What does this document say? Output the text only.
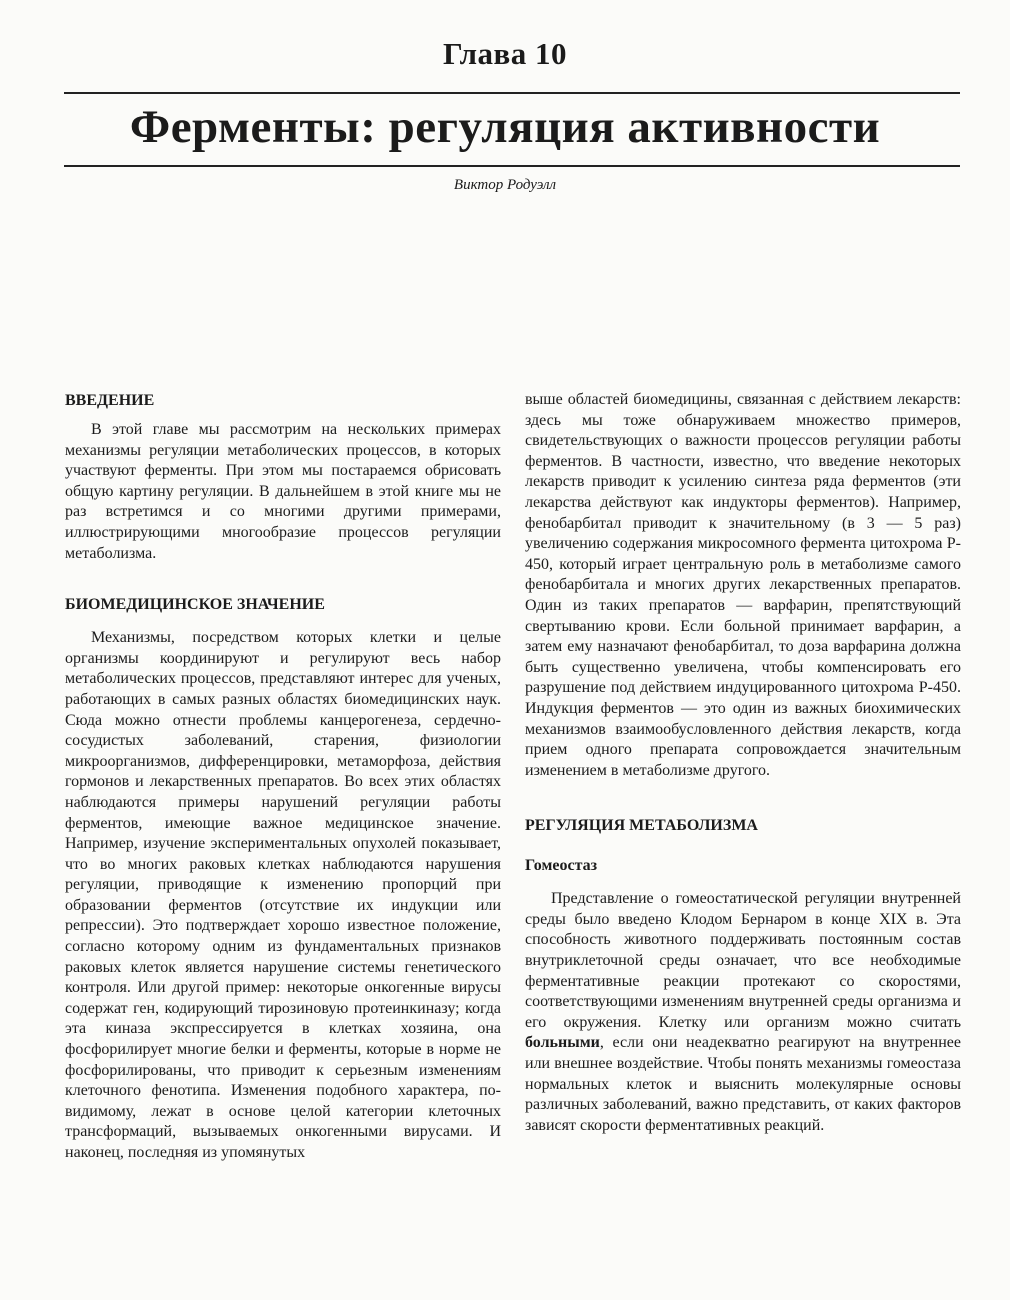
Глава 10
Ферменты: регуляция активности
Виктор Родуэлл
ВВЕДЕНИЕ

В этой главе мы рассмотрим на нескольких примерах механизмы регуляции метаболических процессов, в которых участвуют ферменты. При этом мы постараемся обрисовать общую картину регуляции. В дальнейшем в этой книге мы не раз встретимся и со многими другими примерами, иллюстрирующими многообразие процессов регуляции метаболизма.

БИОМЕДИЦИНСКОЕ ЗНАЧЕНИЕ

Механизмы, посредством которых клетки и целые организмы координируют и регулируют весь набор метаболических процессов, представляют интерес для ученых, работающих в самых разных областях биомедицинских наук. Сюда можно отнести проблемы канцерогенеза, сердечно-сосудистых заболеваний, старения, физиологии микроорганизмов, дифференцировки, метаморфоза, действия гормонов и лекарственных препаратов. Во всех этих областях наблюдаются примеры нарушений регуляции работы ферментов, имеющие важное медицинское значение. Например, изучение экспериментальных опухолей показывает, что во многих раковых клетках наблюдаются нарушения регуляции, приводящие к изменению пропорций при образовании ферментов (отсутствие их индукции или репрессии). Это подтверждает хорошо известное положение, согласно которому одним из фундаментальных признаков раковых клеток является нарушение системы генетического контроля. Или другой пример: некоторые онкогенные вирусы содержат ген, кодирующий тирозиновую протеинкиназу; когда эта киназа экспрессируется в клетках хозяина, она фосфорилирует многие белки и ферменты, которые в норме не фосфорилированы, что приводит к серьезным изменениям клеточного фенотипа. Изменения подобного характера, по-видимому, лежат в основе целой категории клеточных трансформаций, вызываемых онкогенными вирусами. И наконец, последняя из упомянутых

выше областей биомедицины, связанная с действием лекарств: здесь мы тоже обнаруживаем множество примеров, свидетельствующих о важности процессов регуляции работы ферментов. В частности, известно, что введение некоторых лекарств приводит к усилению синтеза ряда ферментов (эти лекарства действуют как индукторы ферментов). Например, фенобарбитал приводит к значительному (в 3 — 5 раз) увеличению содержания микросомного фермента цитохрома P-450, который играет центральную роль в метаболизме самого фенобарбитала и многих других лекарственных препаратов. Один из таких препаратов — варфарин, препятствующий свертыванию крови. Если больной принимает варфарин, а затем ему назначают фенобарбитал, то доза варфарина должна быть существенно увеличена, чтобы компенсировать его разрушение под действием индуцированного цитохрома P-450. Индукция ферментов — это один из важных биохимических механизмов взаимообусловленного действия лекарств, когда прием одного препарата сопровождается значительным изменением в метаболизме другого.

РЕГУЛЯЦИЯ МЕТАБОЛИЗМА
Гомеостаз

Представление о гомеостатической регуляции внутренней среды было введено Клодом Бернаром в конце XIX в. Эта способность животного поддерживать постоянным состав внутриклеточной среды означает, что все необходимые ферментативные реакции протекают со скоростями, соответствующими изменениям внутренней среды организма и его окружения. Клетку или организм можно считать больными, если они неадекватно реагируют на внутреннее или внешнее воздействие. Чтобы понять механизмы гомеостаза нормальных клеток и выяснить молекулярные основы различных заболеваний, важно представить, от каких факторов зависят скорости ферментативных реакций.
